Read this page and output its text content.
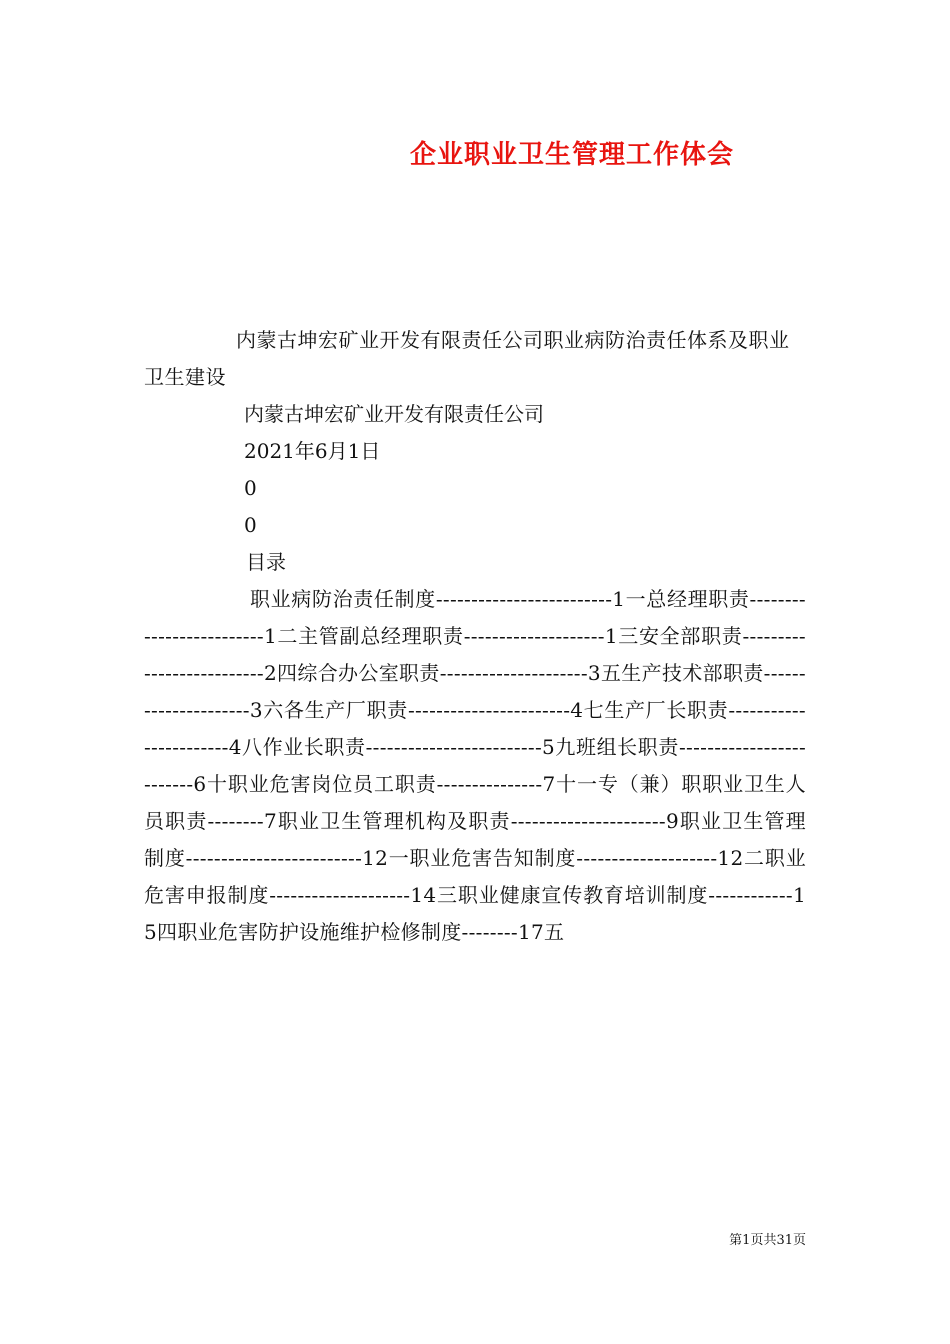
企业职业卫生管理工作体会

内蒙古坤宏矿业开发有限责任公司职业病防治责任体系及职业卫生建设

内蒙古坤宏矿业开发有限责任公司

2021年6月1日

0

0

目录

职业病防治责任制度-------------------------1一总经理职责-------------------------1二主管副总经理职责--------------------1三安全部职责--------------------------2四综合办公室职责---------------------3五生产技术部职责---------------------3六各生产厂职责-----------------------4七生产厂长职责-----------------------4八作业长职责-------------------------5九班组长职责-------------------------6十职业危害岗位员工职责---------------7十一专（兼）职职业卫生人员职责--------7职业卫生管理机构及职责----------------------9职业卫生管理制度-------------------------12一职业危害告知制度--------------------12二职业危害申报制度--------------------14三职业健康宣传教育培训制度------------15四职业危害防护设施维护检修制度--------17五

第1页共31页
